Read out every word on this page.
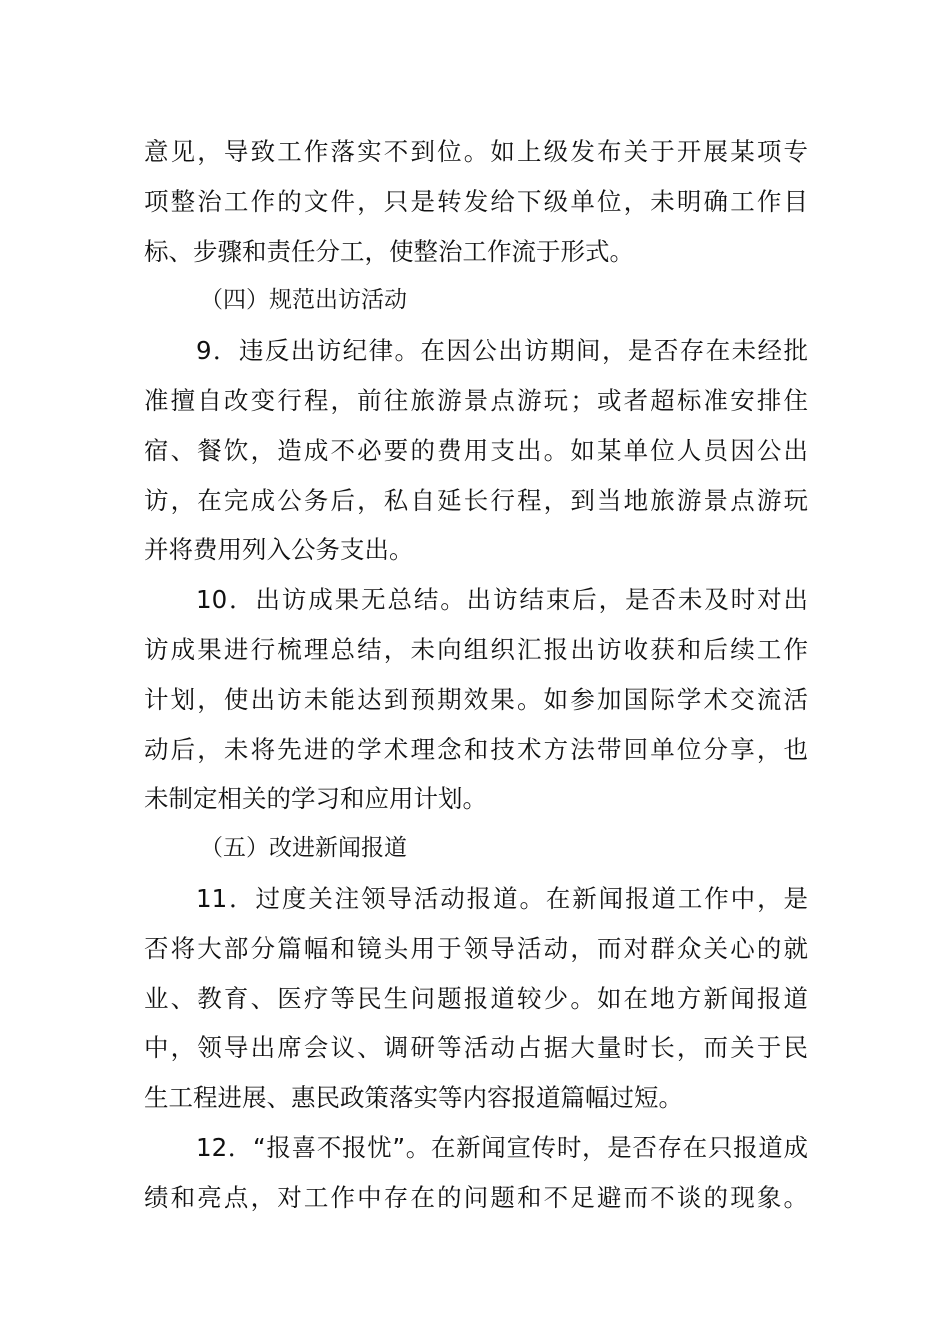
意见，导致工作落实不到位。如上级发布关于开展某项专
项整治工作的文件，只是转发给下级单位，未明确工作目
标、步骤和责任分工，使整治工作流于形式。
（四）规范出访活动
9．违反出访纪律。在因公出访期间，是否存在未经批
准擅自改变行程，前往旅游景点游玩；或者超标准安排住
宿、餐饮，造成不必要的费用支出。如某单位人员因公出
访，在完成公务后，私自延长行程，到当地旅游景点游玩
并将费用列入公务支出。
10．出访成果无总结。出访结束后，是否未及时对出
访成果进行梳理总结，未向组织汇报出访收获和后续工作
计划，使出访未能达到预期效果。如参加国际学术交流活
动后，未将先进的学术理念和技术方法带回单位分享，也
未制定相关的学习和应用计划。
（五）改进新闻报道
11．过度关注领导活动报道。在新闻报道工作中，是
否将大部分篇幅和镜头用于领导活动，而对群众关心的就
业、教育、医疗等民生问题报道较少。如在地方新闻报道
中，领导出席会议、调研等活动占据大量时长，而关于民
生工程进展、惠民政策落实等内容报道篇幅过短。
12．“报喜不报忧”。在新闻宣传时，是否存在只报道成
绩和亮点，对工作中存在的问题和不足避而不谈的现象。
